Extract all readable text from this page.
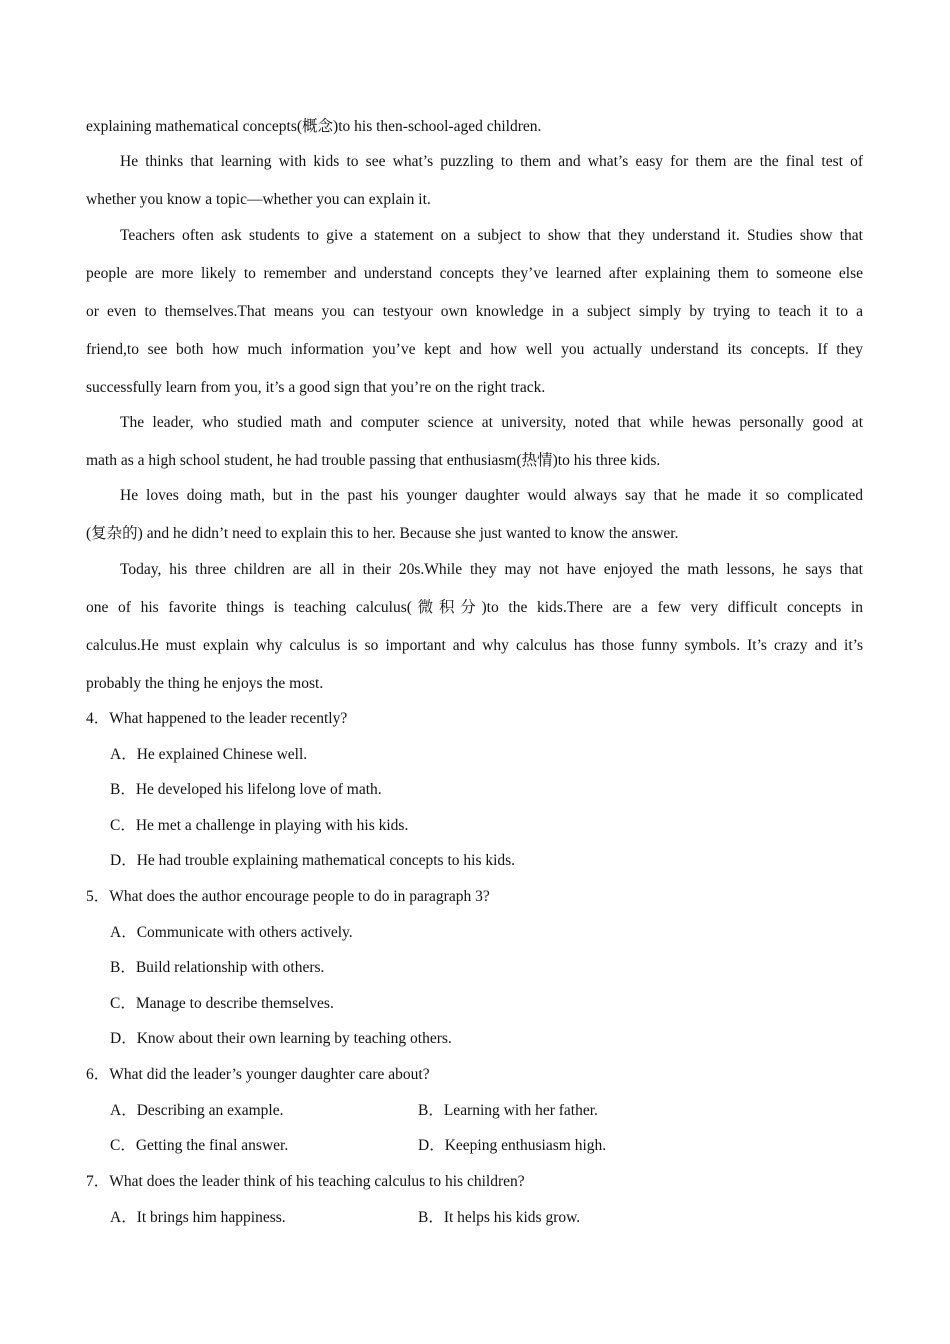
explaining mathematical concepts(概念)to his then-school-aged children.
He thinks that learning with kids to see what’s puzzling to them and what’s easy for them are the final test of
whether you know a topic—whether you can explain it.
Teachers often ask students to give a statement on a subject to show that they understand it. Studies show that
people are more likely to remember and understand concepts they’ve learned after explaining them to someone else
or even to themselves.That means you can testyour own knowledge in a subject simply by trying to teach it to a
friend,to see both how much information you’ve kept and how well you actually understand its concepts. If they
successfully learn from you, it’s a good sign that you’re on the right track.
The leader, who studied math and computer science at university, noted that while hewas personally good at
math as a high school student, he had trouble passing that enthusiasm(热情)to his three kids.
He loves doing math, but in the past his younger daughter would always say that he made it so complicated
(复杂的) and he didn’t need to explain this to her. Because she just wanted to know the answer.
Today, his three children are all in their 20s.While they may not have enjoyed the math lessons, he says that
one of his favorite things is teaching calculus(微积分)to the kids.There are a few very difficult concepts in
calculus.He must explain why calculus is so important and why calculus has those funny symbols. It’s crazy and it’s
probably the thing he enjoys the most.
4．What happened to the leader recently?
A．He explained Chinese well.
B．He developed his lifelong love of math.
C．He met a challenge in playing with his kids.
D．He had trouble explaining mathematical concepts to his kids.
5．What does the author encourage people to do in paragraph 3?
A．Communicate with others actively.
B．Build relationship with others.
C．Manage to describe themselves.
D．Know about their own learning by teaching others.
6．What did the leader’s younger daughter care about?
A．Describing an example.	B．Learning with her father.
C．Getting the final answer.	D．Keeping enthusiasm high.
7．What does the leader think of his teaching calculus to his children?
A．It brings him happiness.	B．It helps his kids grow.
